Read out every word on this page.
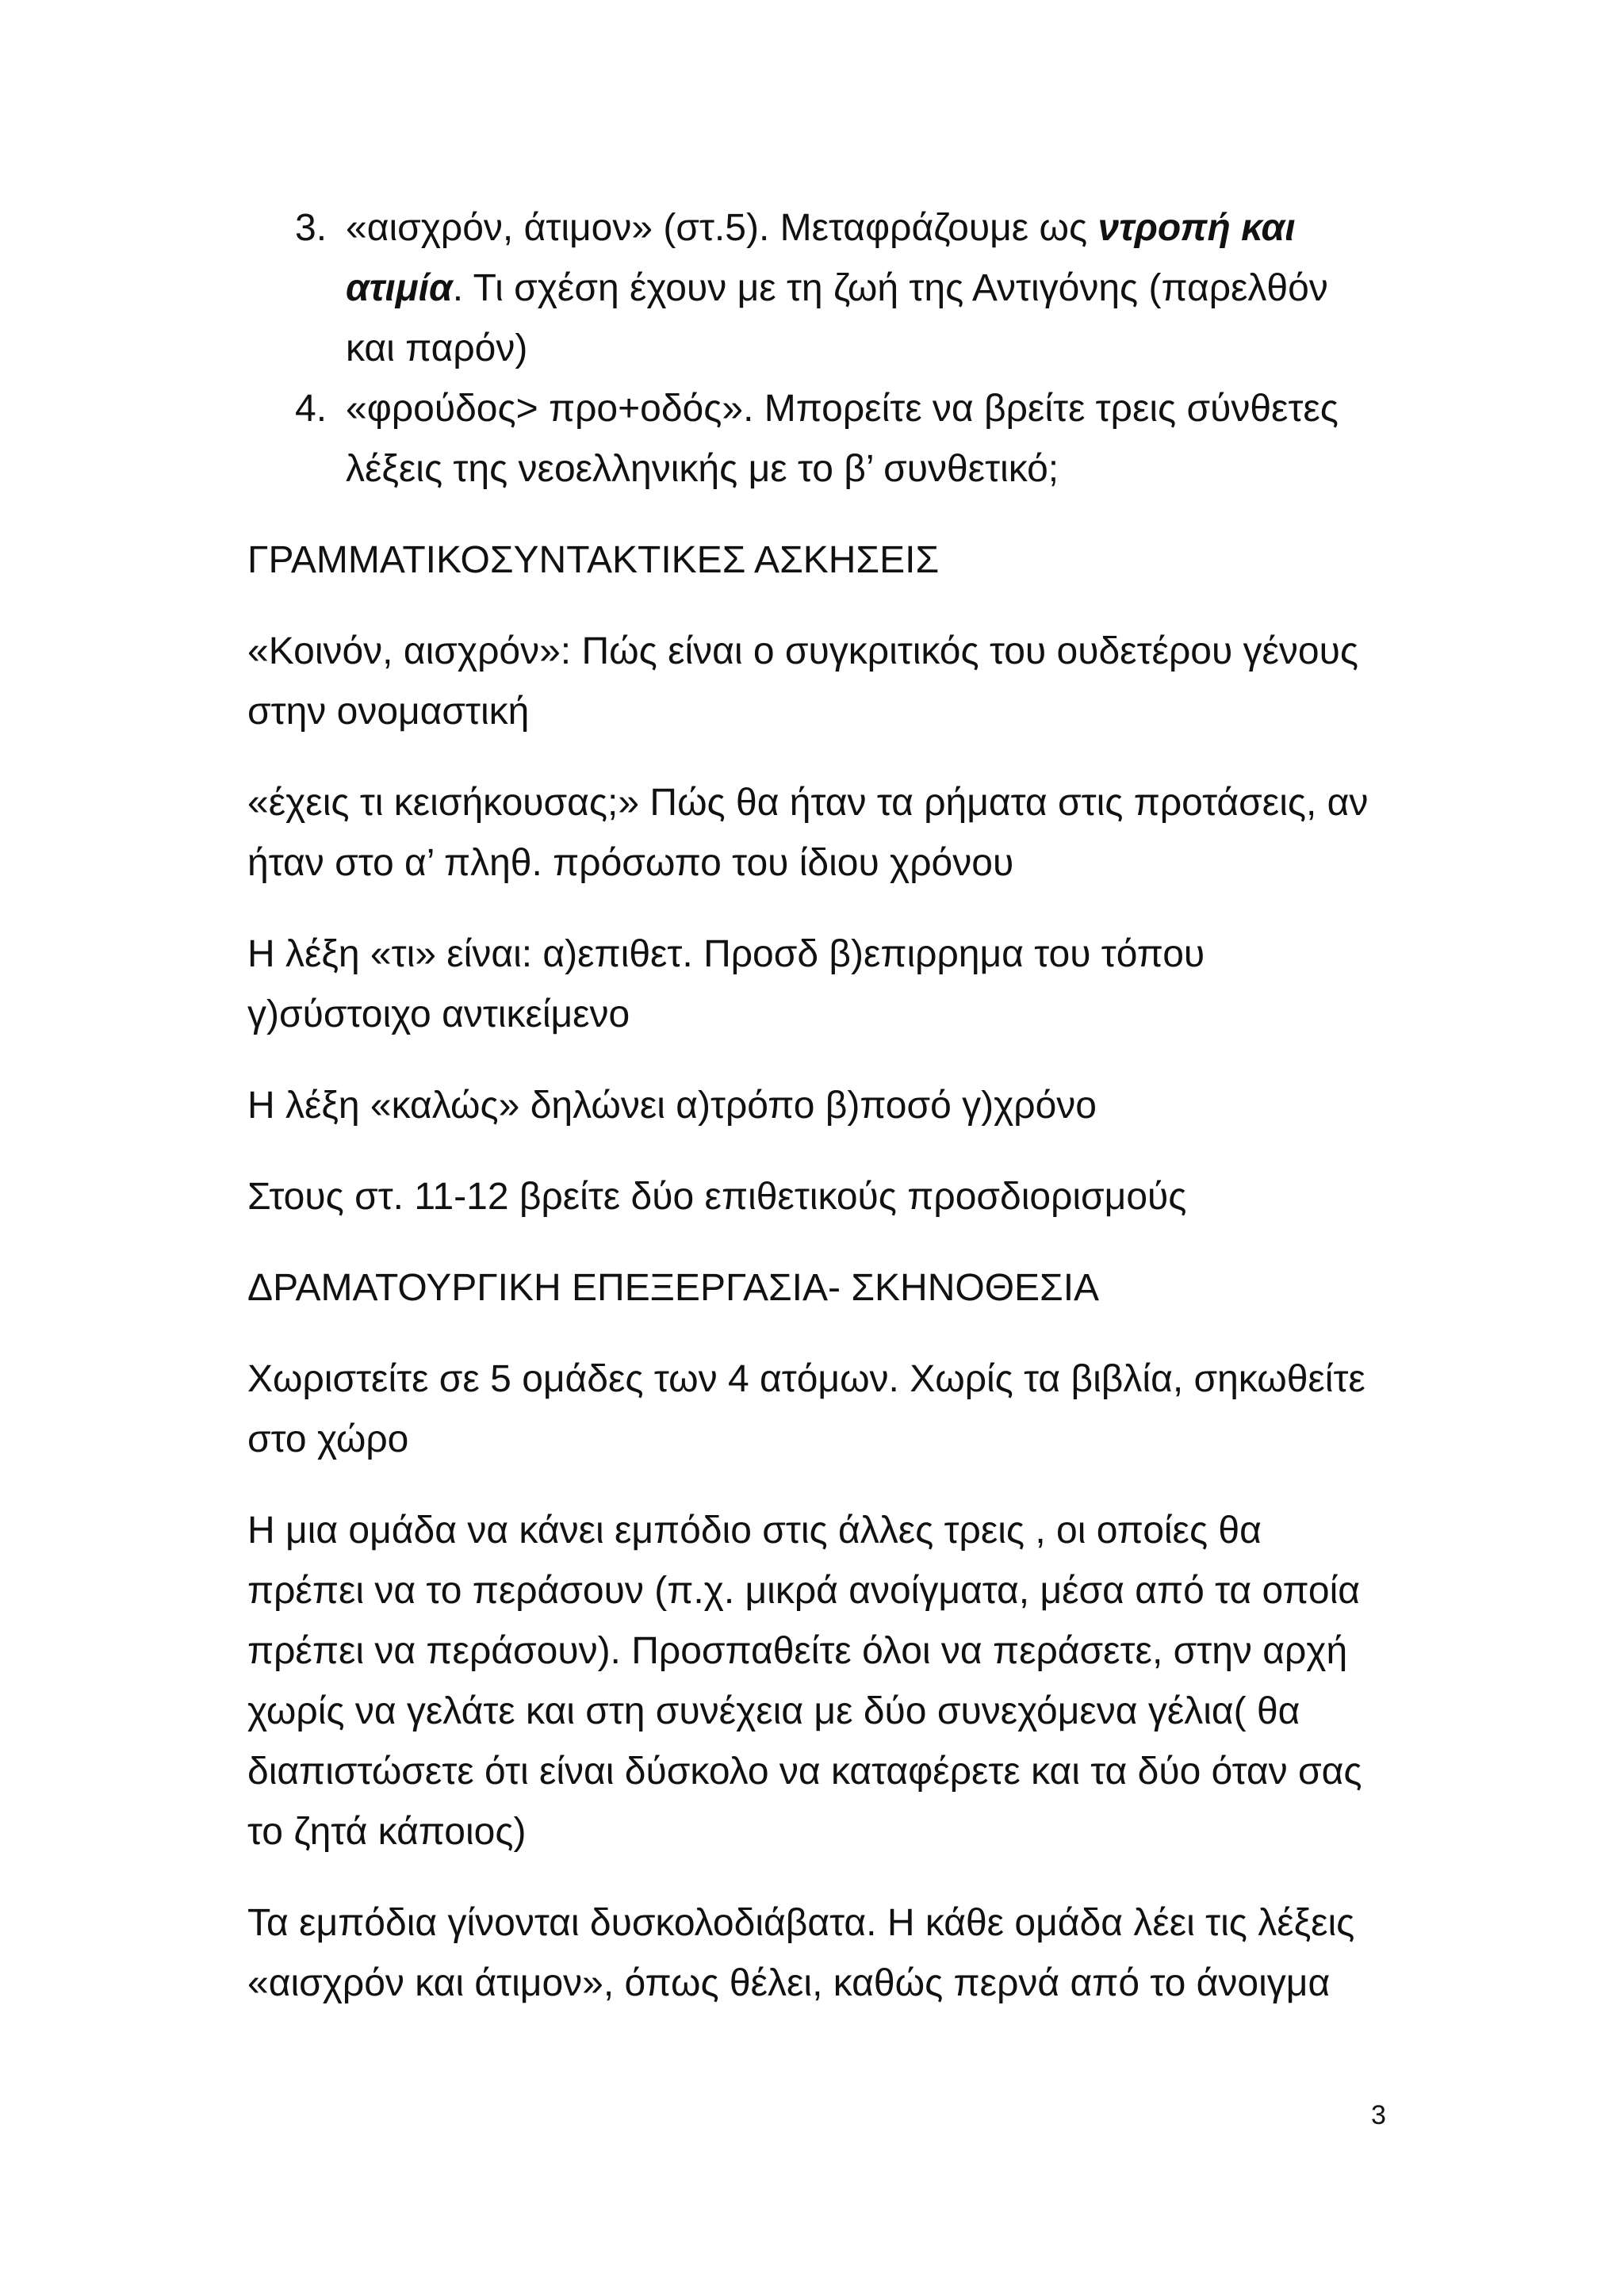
3. «αισχρόν, άτιμον» (στ.5). Μεταφράζουμε ως ντροπή και ατιμία. Τι σχέση έχουν με τη ζωή της Αντιγόνης (παρελθόν και παρόν)
4. «φρούδος> προ+οδός». Μπορείτε να βρείτε τρεις σύνθετες λέξεις της νεοελληνικής με το β’ συνθετικό;

ΓΡΑΜΜΑΤΙΚΟΣΥΝΤΑΚΤΙΚΕΣ ΑΣΚΗΣΕΙΣ

«Κοινόν, αισχρόν»: Πώς είναι ο συγκριτικός του ουδετέρου γένους στην ονομαστική

«έχεις τι κεισήκουσας;» Πώς θα ήταν τα ρήματα στις προτάσεις, αν ήταν στο α’ πληθ. πρόσωπο του ίδιου χρόνου

Η λέξη «τι» είναι: α)επιθετ. Προσδ β)επιρρημα του τόπου γ)σύστοιχο αντικείμενο

Η λέξη «καλώς» δηλώνει α)τρόπο β)ποσό γ)χρόνο

Στους στ. 11-12 βρείτε δύο επιθετικούς προσδιορισμούς

ΔΡΑΜΑΤΟΥΡΓΙΚΗ ΕΠΕΞΕΡΓΑΣΙΑ- ΣΚΗΝΟΘΕΣΙΑ

Χωριστείτε σε 5 ομάδες των 4 ατόμων. Χωρίς τα βιβλία, σηκωθείτε στο χώρο

Η μια ομάδα να κάνει εμπόδιο στις άλλες τρεις , οι οποίες θα πρέπει να το περάσουν (π.χ. μικρά ανοίγματα, μέσα από τα οποία πρέπει να περάσουν). Προσπαθείτε όλοι να περάσετε, στην αρχή χωρίς να γελάτε και στη συνέχεια με δύο συνεχόμενα γέλια( θα διαπιστώσετε ότι είναι δύσκολο να καταφέρετε και τα δύο όταν σας το ζητά κάποιος)

Τα εμπόδια γίνονται δυσκολοδιάβατα. Η κάθε ομάδα λέει τις λέξεις «αισχρόν και άτιμον», όπως θέλει, καθώς περνά από το άνοιγμα

3
